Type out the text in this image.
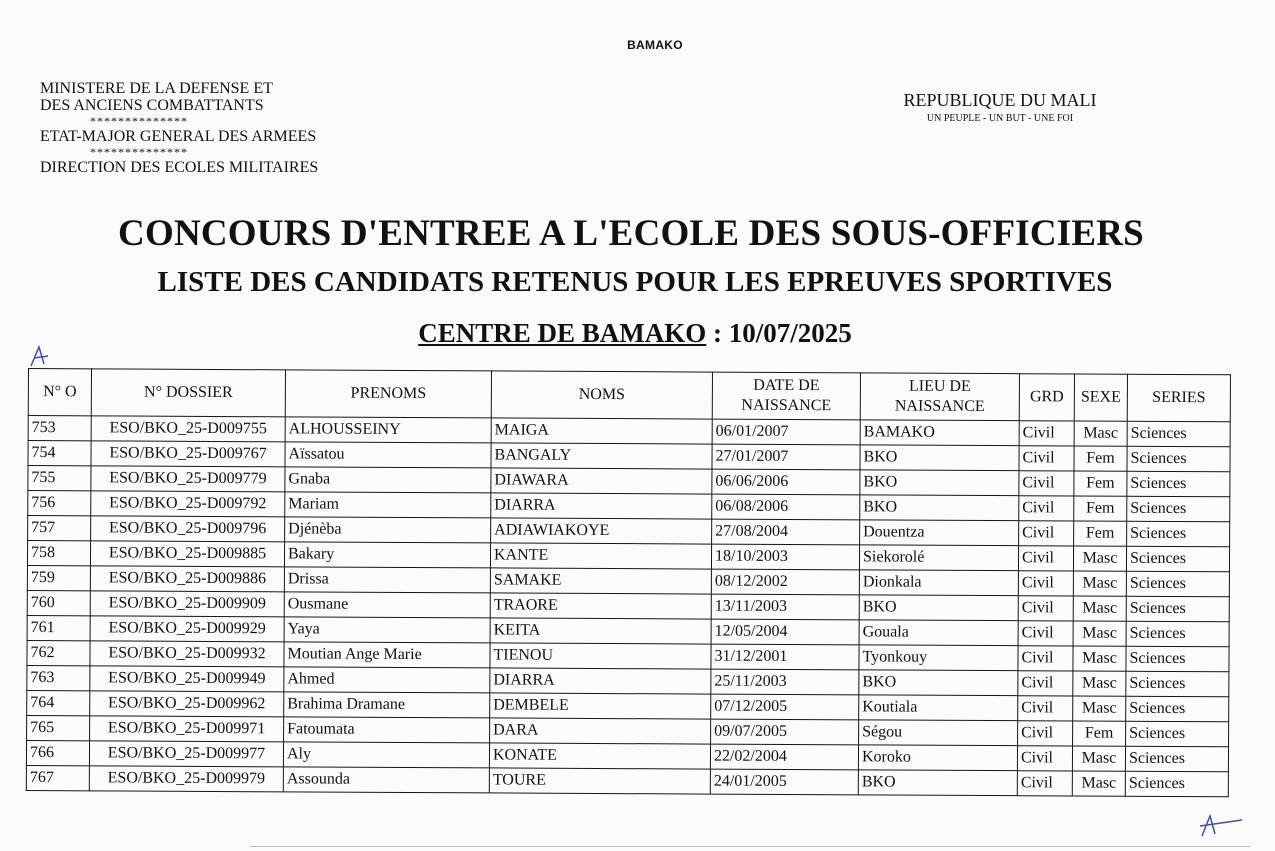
BAMAKO
MINISTERE DE LA DEFENSE ET
DES ANCIENS COMBATTANTS
**************
ETAT-MAJOR GENERAL DES ARMEES
**************
DIRECTION DES ECOLES MILITAIRES
REPUBLIQUE DU MALI
UN PEUPLE - UN BUT - UNE FOI
CONCOURS D'ENTREE A L'ECOLE DES SOUS-OFFICIERS
LISTE DES CANDIDATS RETENUS POUR LES EPREUVES SPORTIVES
CENTRE DE BAMAKO : 10/07/2025
N° O	N° DOSSIER	PRENOMS	NOMS	DATE DE NAISSANCE	LIEU DE NAISSANCE	GRD	SEXE	SERIES
753	ESO/BKO_25-D009755	ALHOUSSEINY	MAIGA	06/01/2007	BAMAKO	Civil	Masc	Sciences
754	ESO/BKO_25-D009767	Aïssatou	BANGALY	27/01/2007	BKO	Civil	Fem	Sciences
755	ESO/BKO_25-D009779	Gnaba	DIAWARA	06/06/2006	BKO	Civil	Fem	Sciences
756	ESO/BKO_25-D009792	Mariam	DIARRA	06/08/2006	BKO	Civil	Fem	Sciences
757	ESO/BKO_25-D009796	Djénèba	ADIAWIAKOYE	27/08/2004	Douentza	Civil	Fem	Sciences
758	ESO/BKO_25-D009885	Bakary	KANTE	18/10/2003	Siekorolé	Civil	Masc	Sciences
759	ESO/BKO_25-D009886	Drissa	SAMAKE	08/12/2002	Dionkala	Civil	Masc	Sciences
760	ESO/BKO_25-D009909	Ousmane	TRAORE	13/11/2003	BKO	Civil	Masc	Sciences
761	ESO/BKO_25-D009929	Yaya	KEITA	12/05/2004	Gouala	Civil	Masc	Sciences
762	ESO/BKO_25-D009932	Moutian Ange Marie	TIENOU	31/12/2001	Tyonkouy	Civil	Masc	Sciences
763	ESO/BKO_25-D009949	Ahmed	DIARRA	25/11/2003	BKO	Civil	Masc	Sciences
764	ESO/BKO_25-D009962	Brahima Dramane	DEMBELE	07/12/2005	Koutiala	Civil	Masc	Sciences
765	ESO/BKO_25-D009971	Fatoumata	DARA	09/07/2005	Ségou	Civil	Fem	Sciences
766	ESO/BKO_25-D009977	Aly	KONATE	22/02/2004	Koroko	Civil	Masc	Sciences
767	ESO/BKO_25-D009979	Assounda	TOURE	24/01/2005	BKO	Civil	Masc	Sciences
